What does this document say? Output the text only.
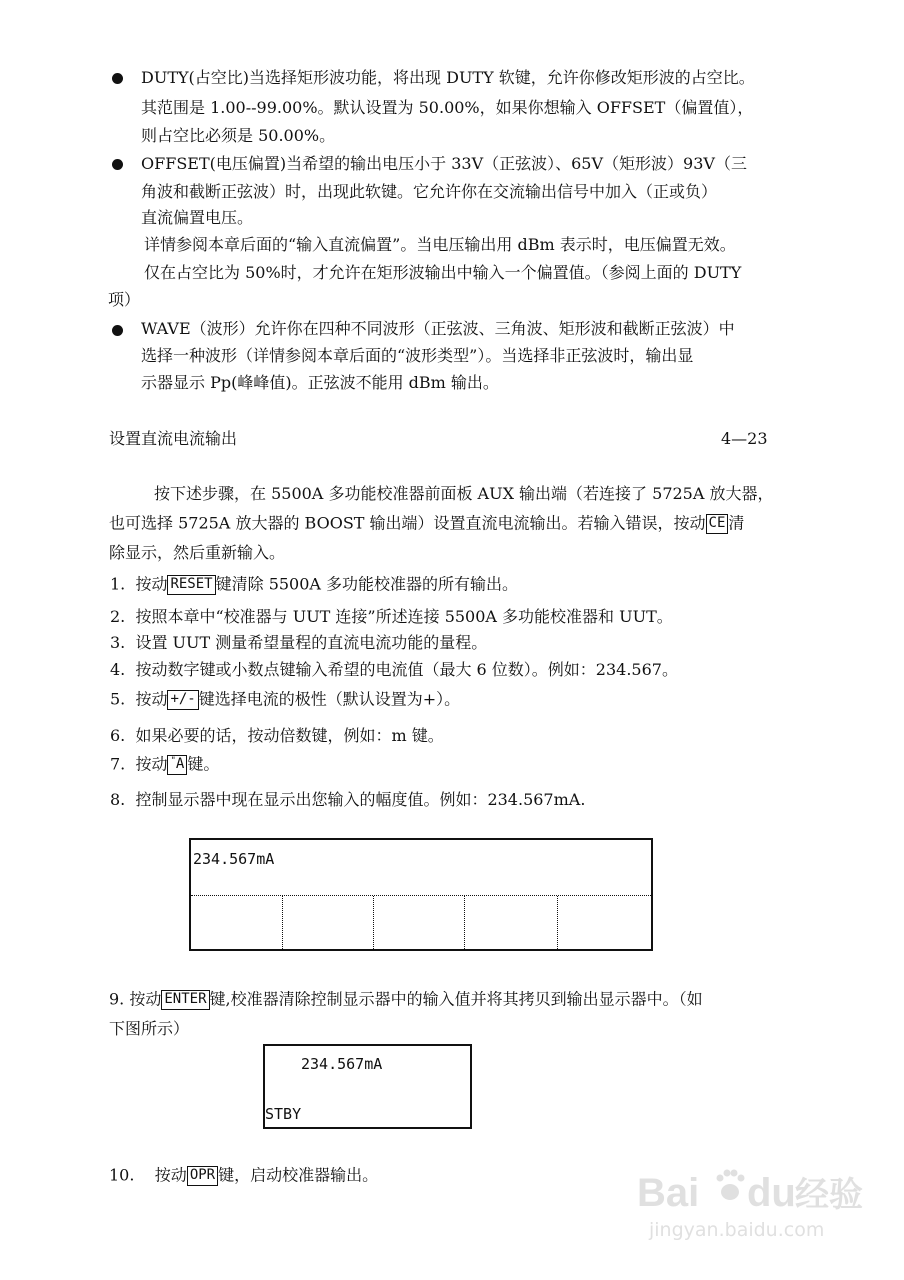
DUTY(占空比)当选择矩形波功能，将出现 DUTY 软键，允许你修改矩形波的占空比。
其范围是 1.00--99.00%。默认设置为 50.00%，如果你想输入 OFFSET（偏置值），
则占空比必须是 50.00%。
OFFSET(电压偏置)当希望的输出电压小于 33V（正弦波）、65V（矩形波）93V（三
角波和截断正弦波）时，出现此软键。它允许你在交流输出信号中加入（正或负）
直流偏置电压。
详情参阅本章后面的“输入直流偏置”。当电压输出用 dBm 表示时，电压偏置无效。
仅在占空比为 50%时，才允许在矩形波输出中输入一个偏置值。（参阅上面的 DUTY
项）
WAVE（波形）允许你在四种不同波形（正弦波、三角波、矩形波和截断正弦波）中
选择一种波形（详情参阅本章后面的“波形类型”）。当选择非正弦波时，输出显
示器显示 Pp(峰峰值)。正弦波不能用 dBm 输出。
设置直流电流输出	4—23
按下述步骤，在 5500A 多功能校准器前面板 AUX 输出端（若连接了 5725A 放大器，
也可选择 5725A 放大器的 BOOST 输出端）设置直流电流输出。若输入错误，按动 CE 清
除显示，然后重新输入。
1. 按动 RESET 键清除 5500A 多功能校准器的所有输出。
2. 按照本章中“校准器与 UUT 连接”所述连接 5500A 多功能校准器和 UUT。
3. 设置 UUT 测量希望量程的直流电流功能的量程。
4. 按动数字键或小数点键输入希望的电流值（最大 6 位数）。例如：234.567。
5. 按动 +/- 键选择电流的极性（默认设置为+）。
6. 如果必要的话，按动倍数键，例如：m 键。
7. 按动 "A 键。
8. 控制显示器中现在显示出您输入的幅度值。例如：234.567mA.
234.567mA
9. 按动 ENTER 键,校准器清除控制显示器中的输入值并将其拷贝到输出显示器中。（如
下图所示）
234.567mA
STBY
10. 按动 OPR 键，启动校准器输出。	Bai du 经验
jingyan.baidu.com
